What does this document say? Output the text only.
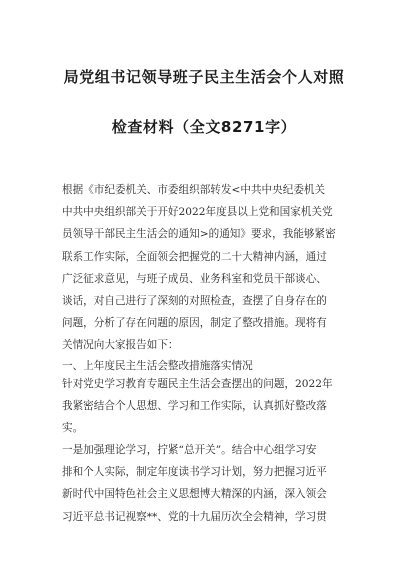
局党组书记领导班子民主生活会个人对照
检查材料（全文8271字）
根据《市纪委机关、市委组织部转发<中共中央纪委机关
中共中央组织部关于开好2022年度县以上党和国家机关党
员领导干部民主生活会的通知>的通知》要求，我能够紧密
联系工作实际，全面领会把握党的二十大精神内涵，通过
广泛征求意见，与班子成员、业务科室和党员干部谈心、
谈话，对自己进行了深刻的对照检查，查摆了自身存在的
问题，分析了存在问题的原因，制定了整改措施。现将有
关情况向大家报告如下：
一、上年度民主生活会整改措施落实情况
针对党史学习教育专题民主生活会查摆出的问题，2022年
我紧密结合个人思想、学习和工作实际，认真抓好整改落
实。
一是加强理论学习，拧紧“总开关”。结合中心组学习安
排和个人实际，制定年度读书学习计划，努力把握习近平
新时代中国特色社会主义思想博大精深的内涵，深入领会
习近平总书记视察**、党的十九届历次全会精神，学习贯
